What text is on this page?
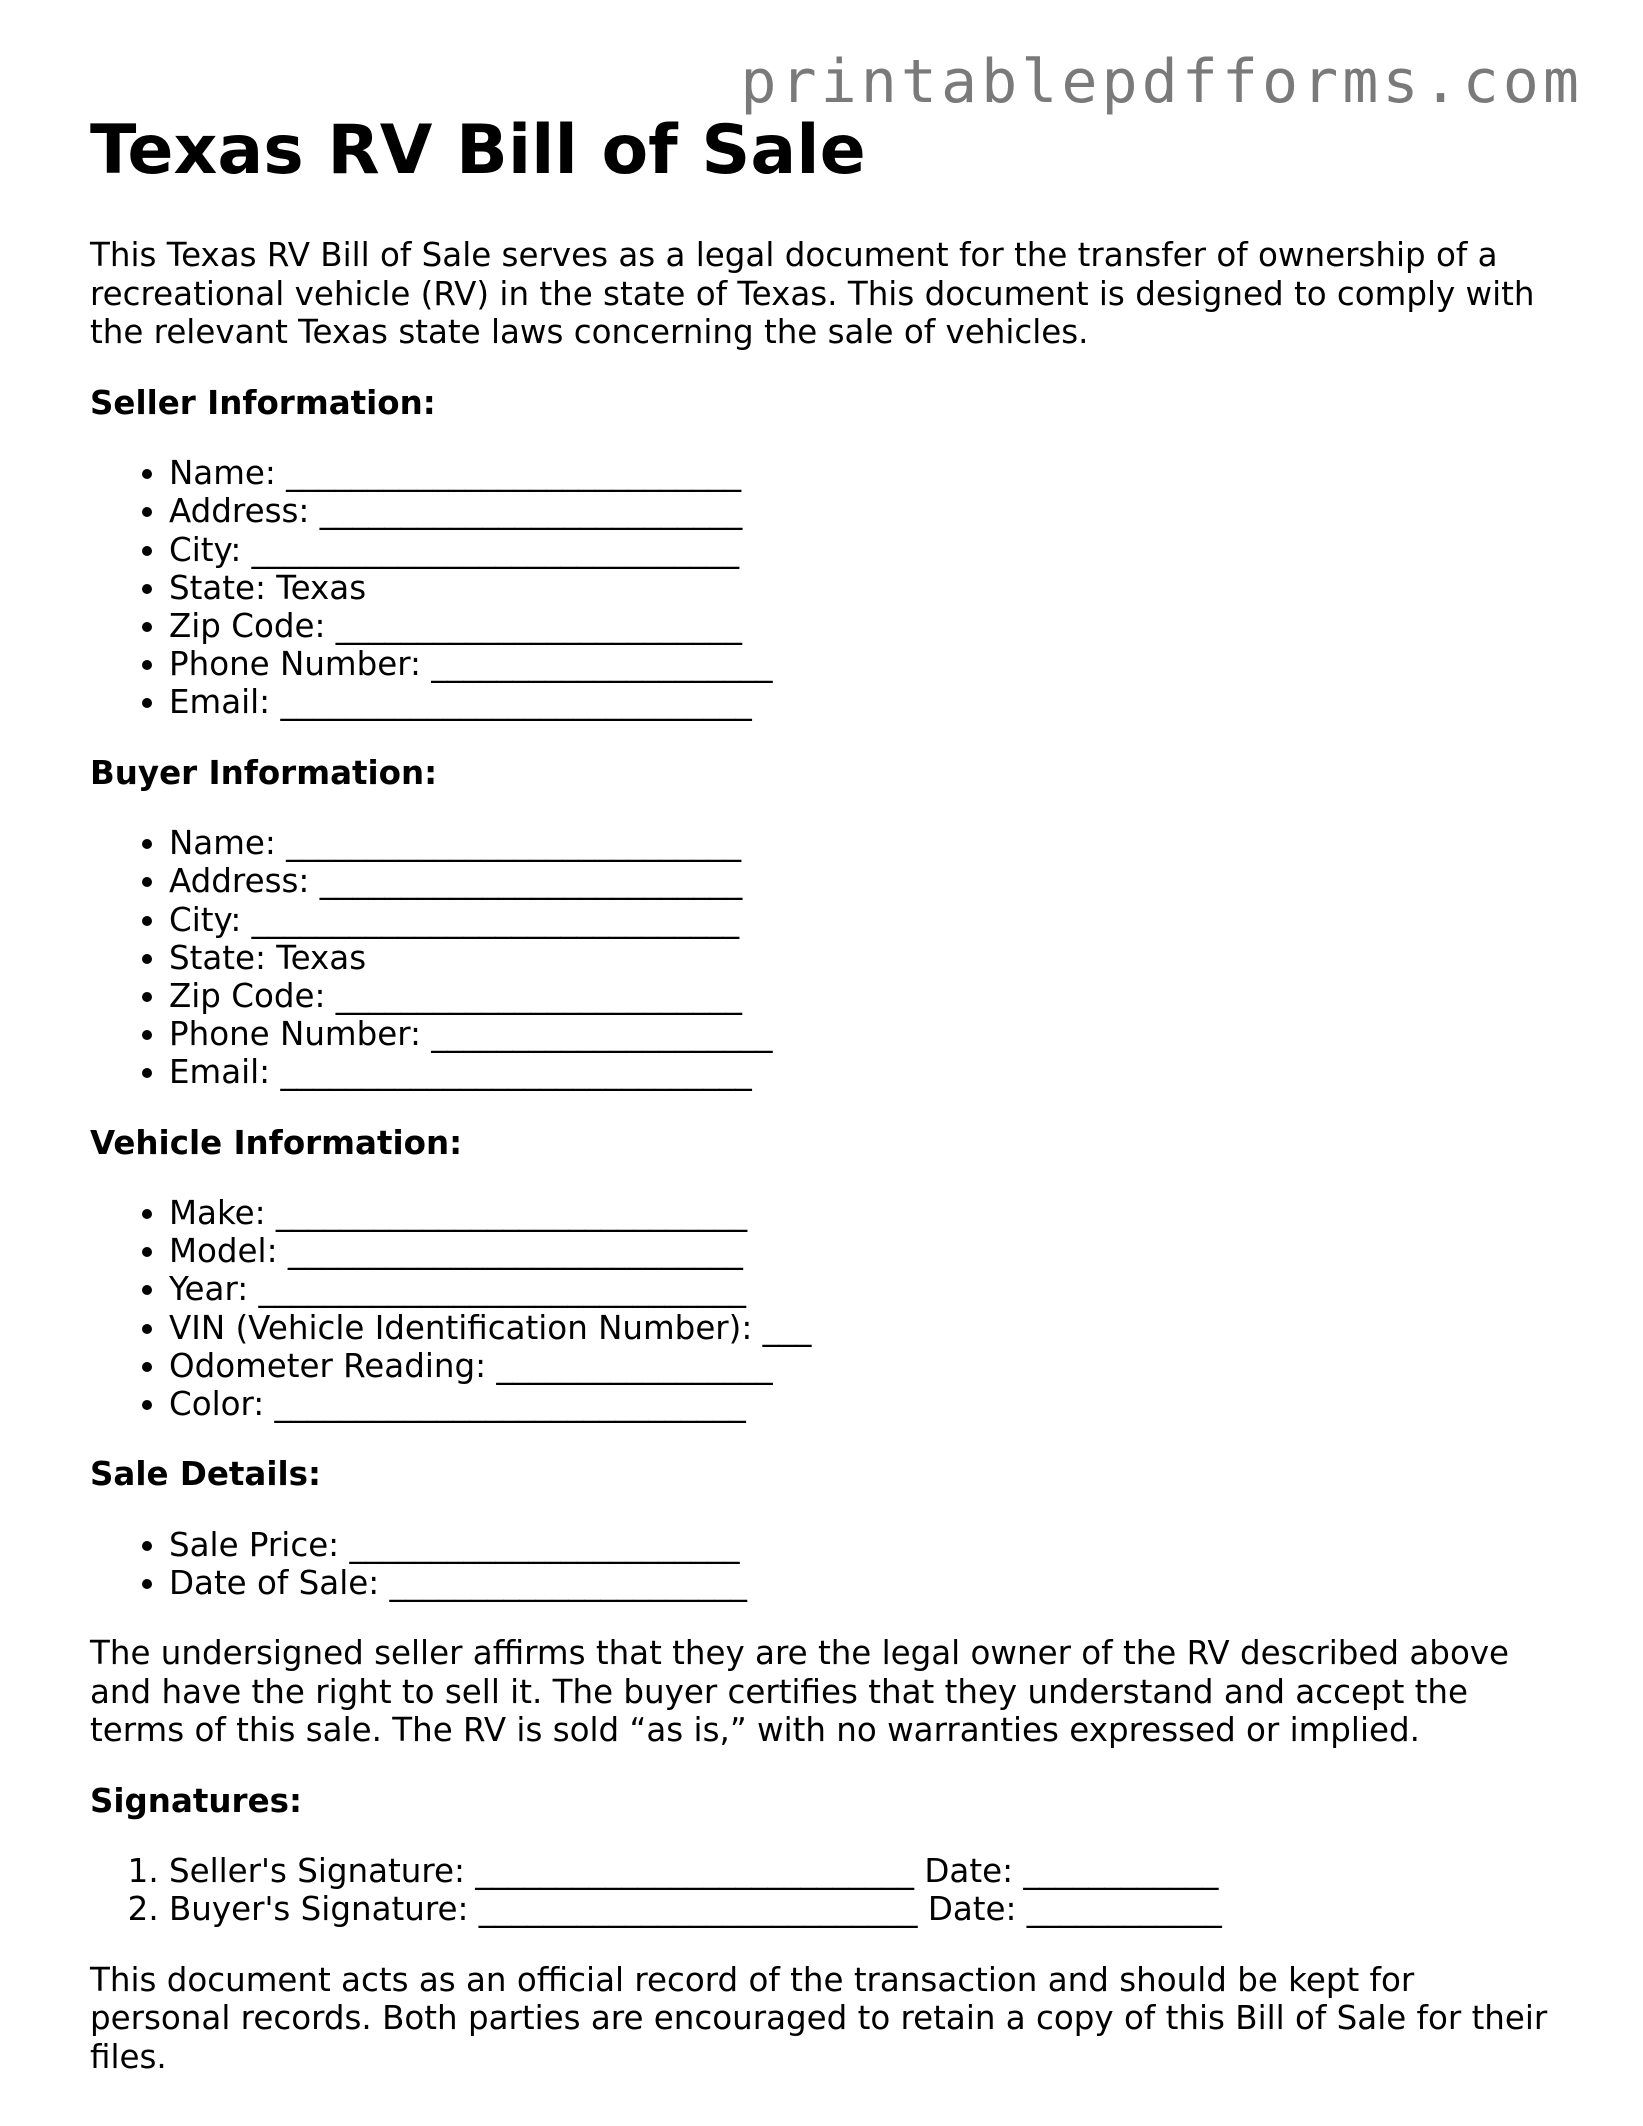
printablepdfforms.com
Texas RV Bill of Sale

This Texas RV Bill of Sale serves as a legal document for the transfer of ownership of a recreational vehicle (RV) in the state of Texas. This document is designed to comply with the relevant Texas state laws concerning the sale of vehicles.

Seller Information:
• Name: ____________________________
• Address: __________________________
• City: ______________________________
• State: Texas
• Zip Code: _________________________
• Phone Number: _____________________
• Email: _____________________________
Buyer Information:
• Name: ____________________________
• Address: __________________________
• City: ______________________________
• State: Texas
• Zip Code: _________________________
• Phone Number: _____________________
• Email: _____________________________
Vehicle Information:
• Make: _____________________________
• Model: ____________________________
• Year: ______________________________
• VIN (Vehicle Identification Number): ___
• Odometer Reading: _________________
• Color: _____________________________
Sale Details:
• Sale Price: ________________________
• Date of Sale: ______________________

The undersigned seller affirms that they are the legal owner of the RV described above and have the right to sell it. The buyer certifies that they understand and accept the terms of this sale. The RV is sold “as is,” with no warranties expressed or implied.

Signatures:
1. Seller's Signature: ___________________________ Date: ____________
2. Buyer's Signature: ___________________________ Date: ____________

This document acts as an official record of the transaction and should be kept for personal records. Both parties are encouraged to retain a copy of this Bill of Sale for their files.
